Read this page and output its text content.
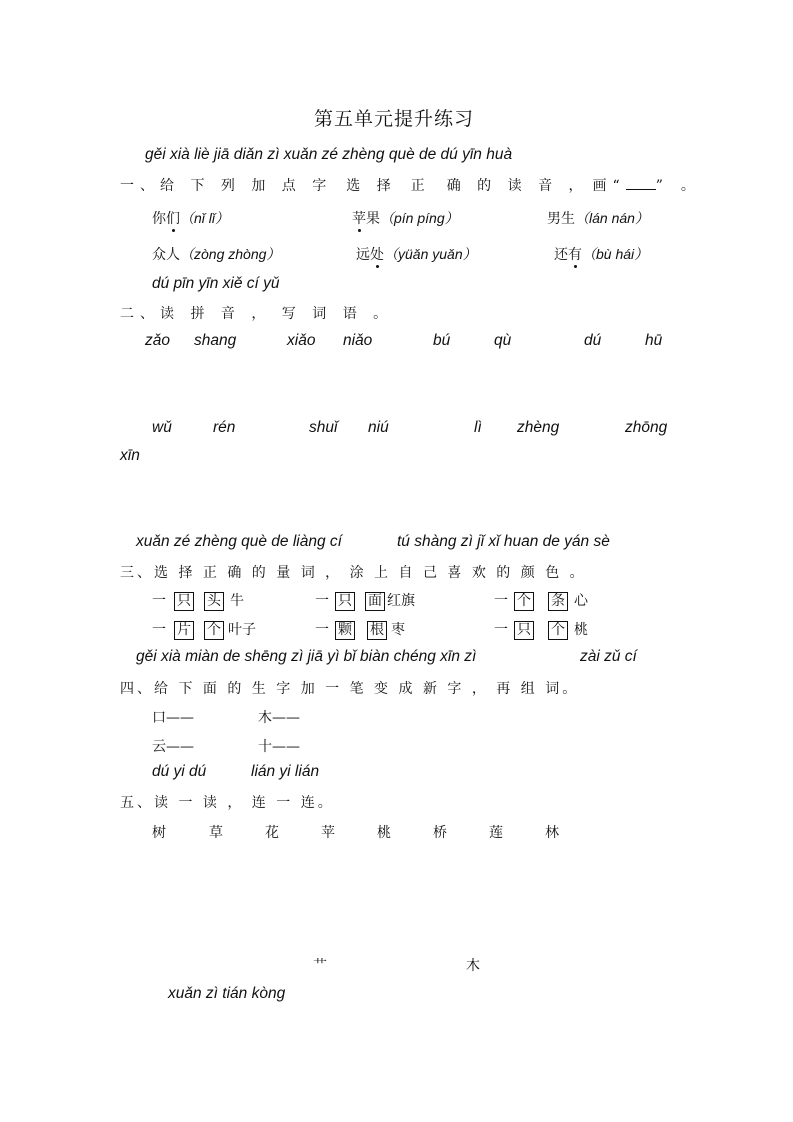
第五单元提升练习
gěi xià liè jiā diǎn zì xuǎn zé zhèng què de dú yīn huà
一、给 下 列 加 点 字 选 择 正 确 的 读 音 ， 画“ ” 。
你们（nǐ lǐ）	苹果（pín píng）	男生（lán nán）
众人（zòng zhòng）	远处（yüǎn yuǎn）	还有（bù hái）
dú pīn yīn xiě cí yǔ
二、读 拼 音 ， 写 词 语 。
zǎo shang	xiǎo niǎo	bú	qù	dú	hū
wǔ	rén	shuǐ niú	lì zhèng	zhōng
xīn
xuǎn zé zhèng què de liàng cí	tú shàng zì jǐ xǐ huan de yán sè
三、选 择 正 确 的 量 词 ， 涂 上 自 己 喜 欢 的 颜 色 。
一 只 头 牛	一 只 面 红旗	一 个 条 心
一 片 个 叶子	一 颗 根 枣	一 只 个 桃
gěi xià miàn de shēng zì jiā yì bǐ biàn chéng xīn zì	zài zǔ cí
四、给 下 面 的 生 字 加 一 笔 变 成 新 字 ， 再 组 词。
口——	木——
云——	十——
dú yi dú	lián yi lián
五、读 一 读 ， 连 一 连。
树	草	花	苹	桃	桥	莲	林
艹	木
xuǎn zì tián kòng
